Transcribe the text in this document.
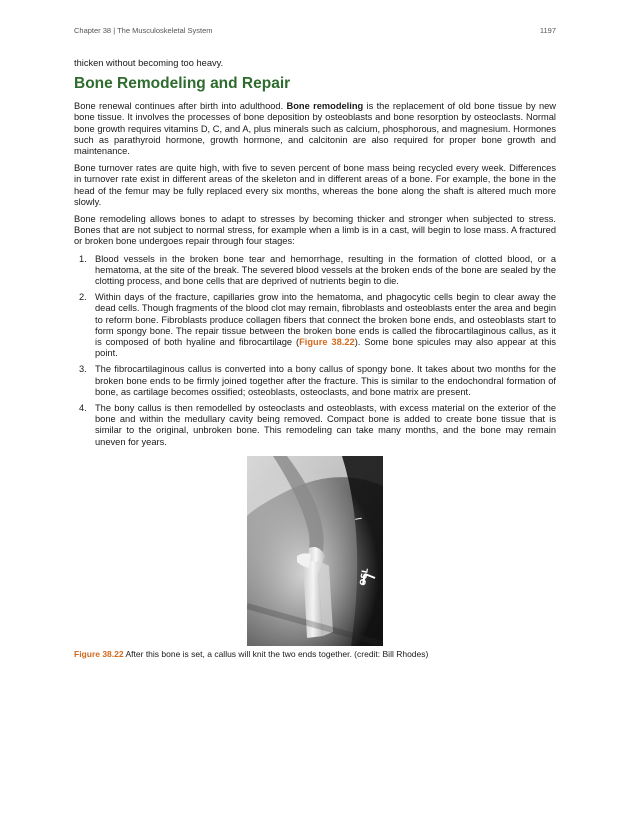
Chapter 38 | The Musculoskeletal System	1197

thicken without becoming too heavy.

Bone Remodeling and Repair

Bone renewal continues after birth into adulthood. Bone remodeling is the replacement of old bone tissue by new bone tissue. It involves the processes of bone deposition by osteoblasts and bone resorption by osteoclasts. Normal bone growth requires vitamins D, C, and A, plus minerals such as calcium, phosphorous, and magnesium. Hormones such as parathyroid hormone, growth hormone, and calcitonin are also required for proper bone growth and maintenance.

Bone turnover rates are quite high, with five to seven percent of bone mass being recycled every week. Differences in turnover rate exist in different areas of the skeleton and in different areas of a bone. For example, the bone in the head of the femur may be fully replaced every six months, whereas the bone along the shaft is altered much more slowly.

Bone remodeling allows bones to adapt to stresses by becoming thicker and stronger when subjected to stress. Bones that are not subject to normal stress, for example when a limb is in a cast, will begin to lose mass. A fractured or broken bone undergoes repair through four stages:

1. Blood vessels in the broken bone tear and hemorrhage, resulting in the formation of clotted blood, or a hematoma, at the site of the break. The severed blood vessels at the broken ends of the bone are sealed by the clotting process, and bone cells that are deprived of nutrients begin to die.
2. Within days of the fracture, capillaries grow into the hematoma, and phagocytic cells begin to clear away the dead cells. Though fragments of the blood clot may remain, fibroblasts and osteoblasts enter the area and begin to reform bone. Fibroblasts produce collagen fibers that connect the broken bone ends, and osteoblasts start to form spongy bone. The repair tissue between the broken bone ends is called the fibrocartilaginous callus, as it is composed of both hyaline and fibrocartilage (Figure 38.22). Some bone spicules may also appear at this point.
3. The fibrocartilaginous callus is converted into a bony callus of spongy bone. It takes about two months for the broken bone ends to be firmly joined together after the fracture. This is similar to the endochondral formation of bone, as cartilage becomes ossified; osteoblasts, osteoclasts, and bone matrix are present.
4. The bony callus is then remodelled by osteoclasts and osteoblasts, with excess material on the exterior of the bone and within the medullary cavity being removed. Compact bone is added to create bone tissue that is similar to the original, unbroken bone. This remodeling can take many months, and the bone may remain uneven for years.
I
OSL
Figure 38.22 After this bone is set, a callus will knit the two ends together. (credit: Bill Rhodes)
